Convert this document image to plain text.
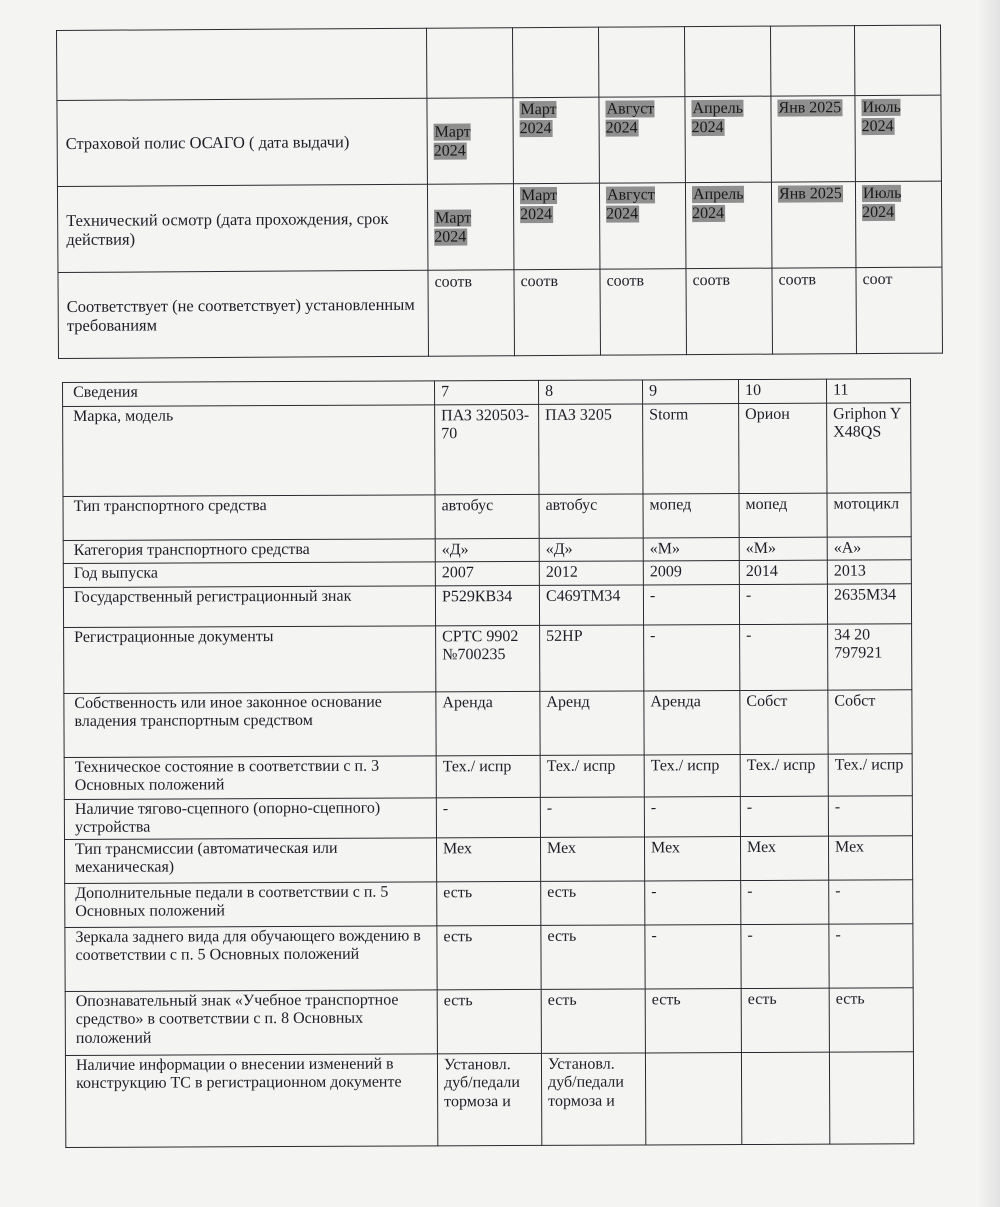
Страховой полис ОСАГО ( дата выдачи)	Март 2024	Март 2024	Август 2024	Апрель 2024	Янв 2025	Июль 2024
Технический осмотр (дата прохождения, срок действия)	Март 2024	Март 2024	Август 2024	Апрель 2024	Янв 2025	Июль 2024
Соответствует (не соответствует) установленным требованиям	соотв	соотв	соотв	соотв	соотв	соот
Сведения	7	8	9	10	11
Марка, модель	ПАЗ 320503-70	ПАЗ 3205	Storm	Орион	Griphon YX48QS
Тип транспортного средства	автобус	автобус	мопед	мопед	мотоцикл
Категория транспортного средства	«Д»	«Д»	«М»	«М»	«А»
Год выпуска	2007	2012	2009	2014	2013
Государственный регистрационный знак	Р529КВ34	С469ТМ34	-	-	2635М34
Регистрационные документы	СРТС 9902 №700235	52НР	-	-	34 20 797921
Собственность или иное законное основание владения транспортным средством	Аренда	Аренд	Аренда	Собст	Собст
Техническое состояние в соответствии с п. 3 Основных положений	Тех./ испр	Тех./ испр	Тех./ испр	Тех./ испр	Тех./ испр
Наличие тягово-сцепного (опорно-сцепного) устройства	-	-	-	-	-
Тип трансмиссии (автоматическая или механическая)	Мех	Мех	Мех	Мех	Мех
Дополнительные педали в соответствии с п. 5 Основных положений	есть	есть	-	-	-
Зеркала заднего вида для обучающего вождению в соответствии с п. 5 Основных положений	есть	есть	-	-	-
Опознавательный знак «Учебное транспортное средство» в соответствии с п. 8 Основных положений	есть	есть	есть	есть	есть
Наличие информации о внесении изменений в конструкцию ТС в регистрационном документе	Установл. дуб/педали тормоза и	Установл. дуб/педали тормоза и			
